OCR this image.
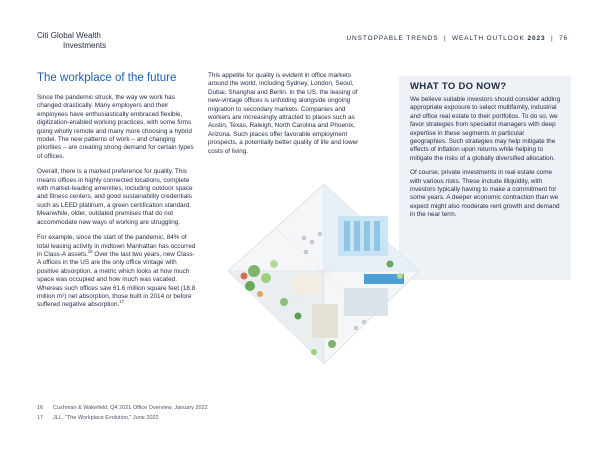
Citi Global Wealth
Investments
UNSTOPPABLE TRENDS | WEALTH OUTLOOK 2023 | 76
The workplace of the future

Since the pandemic struck, the way we work has changed drastically. Many employers and their employees have enthusiastically embraced flexible, digitization-enabled working practices, with some firms going wholly remote and many more choosing a hybrid model. The new patterns of work – and changing priorities – are creating strong demand for certain types of offices.

Overall, there is a marked preference for quality. This means offices in highly connected locations, complete with market-leading amenities, including outdoor space and fitness centers, and good sustainability credentials such as LEED platinum, a green certification standard. Meanwhile, older, outdated premises that do not accommodate new ways of working are struggling.

For example, since the start of the pandemic, 84% of total leasing activity in midtown Manhattan has occurred in Class-A assets.$^{16}$ Over the last two years, new Class-A offices in the US are the only office vintage with positive absorption, a metric which looks at how much space was occupied and how much was vacated. Whereas such offices saw 61.6 million square feet (18.8 million m²) net absorption, those built in 2014 or before suffered negative absorption.$^{17}$

This appetite for quality is evident in office markets around the world, including Sydney, London, Seoul, Dubai, Shanghai and Berlin. In the US, the leasing of new-vintage offices is unfolding alongside ongoing migration to secondary markets. Companies and workers are increasingly attracted to places such as Austin, Texas, Raleigh, North Carolina and Phoenix, Arizona. Such places offer favorable employment prospects, a potentially better quality of life and lower costs of living.

WHAT TO DO NOW?

We believe suitable investors should consider adding appropriate exposure to select multifamily, industrial and office real estate to their portfolios. To do so, we favor strategies from specialist managers with deep expertise in these segments in particular geographies. Such strategies may help mitigate the effects of inflation upon returns while helping to mitigate the risks of a globally diversified allocation.

Of course, private investments in real estate come with various risks. These include illiquidity, with investors typically having to make a commitment for some years. A deeper economic contraction than we expect might also moderate rent growth and demand in the near term.

16	Cushman & Wakefield, Q4 2021 Office Overview, January 2022
17	JLL, "The Workplace Evolution," June 2022
